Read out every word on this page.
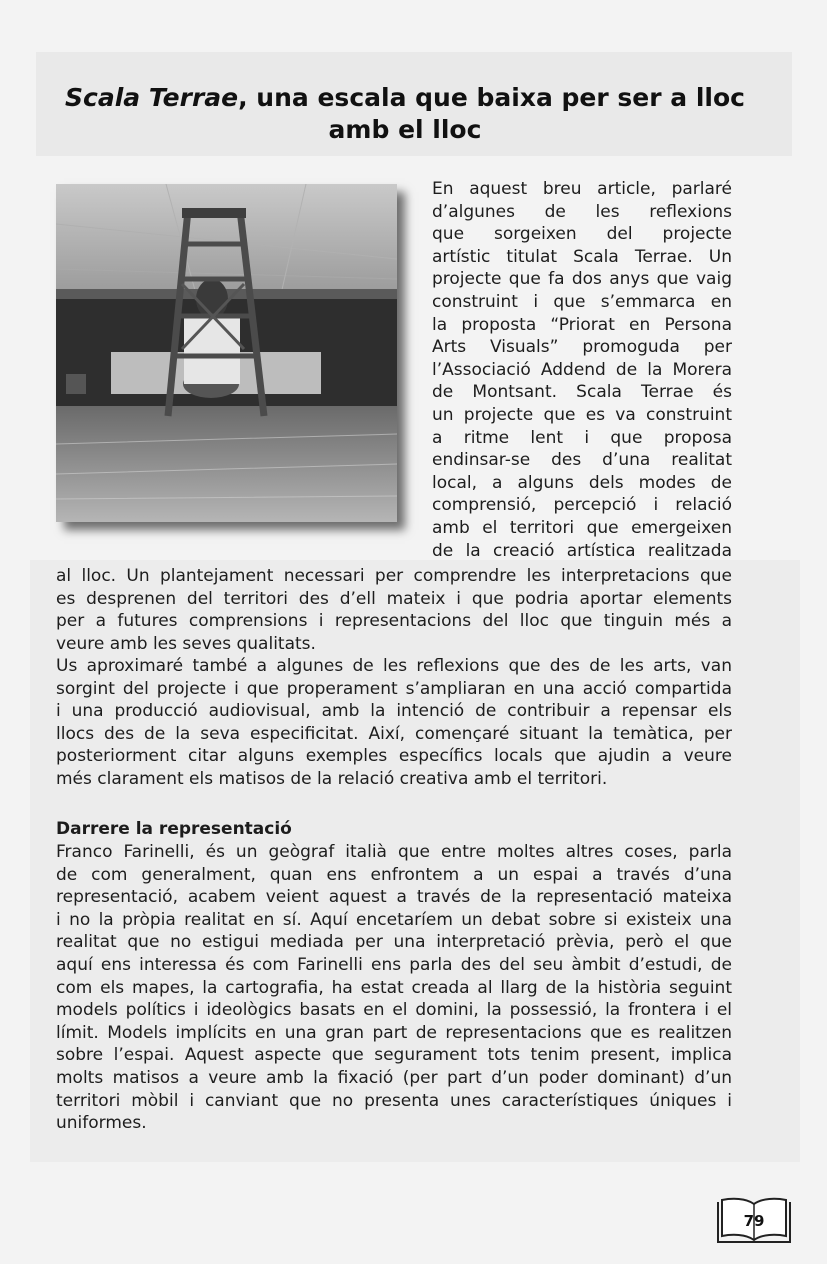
Scala Terrae, una escala que baixa per ser a lloc
amb el lloc
En aquest breu article, parlaré
d’algunes de les reflexions
que sorgeixen del projecte
artístic titulat Scala Terrae. Un
projecte que fa dos anys que vaig
construint i que s’emmarca en
la proposta “Priorat en Persona
Arts Visuals” promoguda per
l’Associació Addend de la Morera
de Montsant. Scala Terrae és
un projecte que es va construint
a ritme lent i que proposa
endinsar-se des d’una realitat
local, a alguns dels modes de
comprensió, percepció i relació
amb el territori que emergeixen
de la creació artística realitzada
al lloc. Un plantejament necessari per comprendre les interpretacions que
es desprenen del territori des d’ell mateix i que podria aportar elements
per a futures comprensions i representacions del lloc que tinguin més a
veure amb les seves qualitats.
Us aproximaré també a algunes de les reflexions que des de les arts, van
sorgint del projecte i que properament s’ampliaran en una acció compartida
i una producció audiovisual, amb la intenció de contribuir a repensar els
llocs des de la seva especificitat. Així, començaré situant la temàtica, per
posteriorment citar alguns exemples específics locals que ajudin a veure
més clarament els matisos de la relació creativa amb el territori.
Darrere la representació
Franco Farinelli, és un geògraf italià que entre moltes altres coses, parla
de com generalment, quan ens enfrontem a un espai a través d’una
representació, acabem veient aquest a través de la representació mateixa
i no la pròpia realitat en sí. Aquí encetaríem un debat sobre si existeix una
realitat que no estigui mediada per una interpretació prèvia, però el que
aquí ens interessa és com Farinelli ens parla des del seu àmbit d’estudi, de
com els mapes, la cartografia, ha estat creada al llarg de la història seguint
models polítics i ideològics basats en el domini, la possessió, la frontera i el
límit. Models implícits en una gran part de representacions que es realitzen
sobre l’espai. Aquest aspecte que segurament tots tenim present, implica
molts matisos a veure amb la fixació (per part d’un poder dominant) d’un
territori mòbil i canviant que no presenta unes característiques úniques i
uniformes.
79
